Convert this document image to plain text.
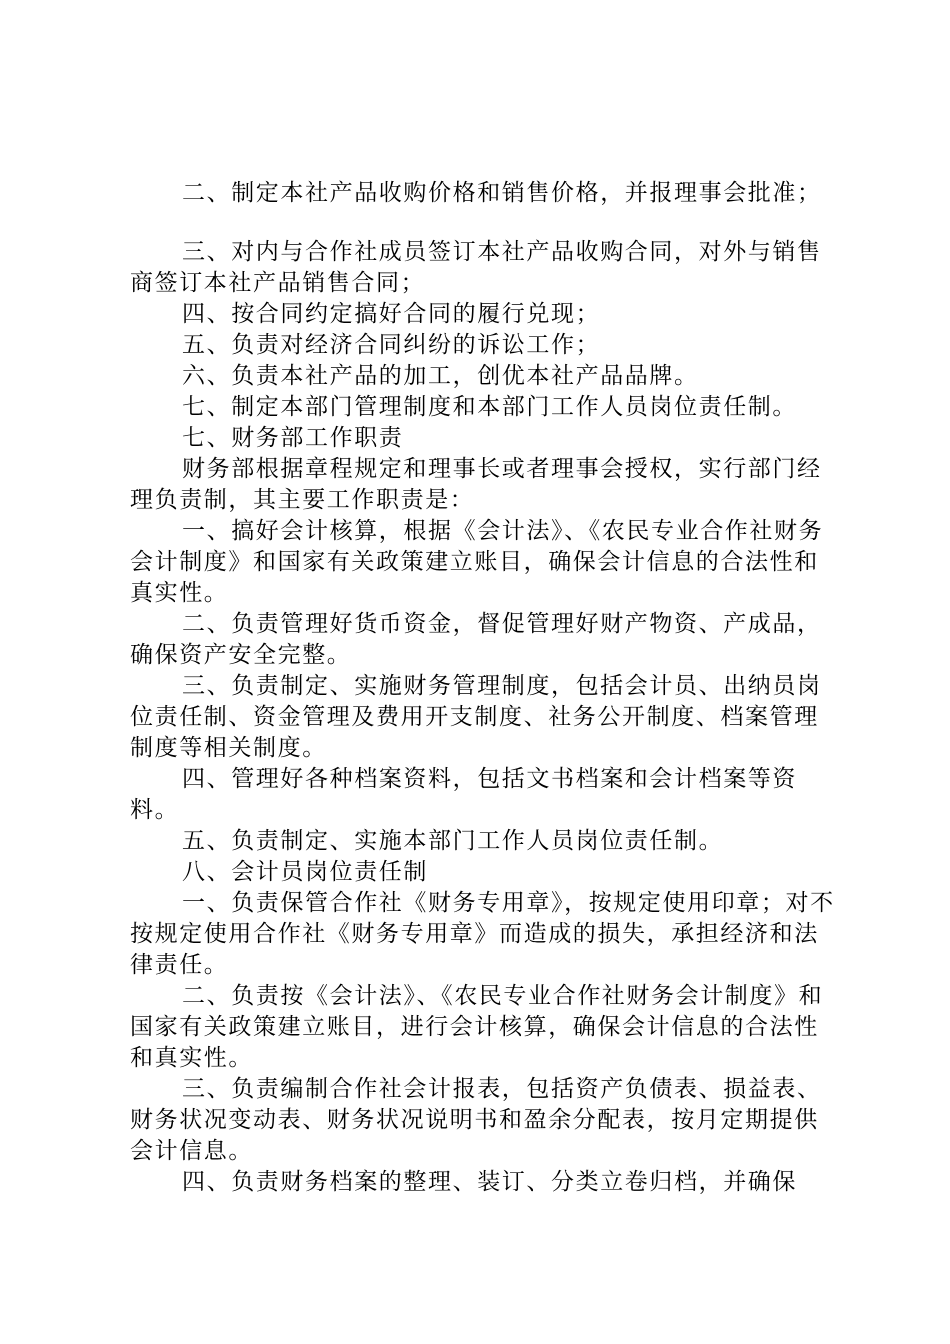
二、制定本社产品收购价格和销售价格，并报理事会批准；

三、对内与合作社成员签订本社产品收购合同，对外与销售商签订本社产品销售合同；

四、按合同约定搞好合同的履行兑现；

五、负责对经济合同纠纷的诉讼工作；

六、负责本社产品的加工，创优本社产品品牌。

七、制定本部门管理制度和本部门工作人员岗位责任制。

七、财务部工作职责

财务部根据章程规定和理事长或者理事会授权，实行部门经理负责制，其主要工作职责是：

一、搞好会计核算，根据《会计法》、《农民专业合作社财务会计制度》和国家有关政策建立账目，确保会计信息的合法性和真实性。

二、负责管理好货币资金，督促管理好财产物资、产成品，确保资产安全完整。

三、负责制定、实施财务管理制度，包括会计员、出纳员岗位责任制、资金管理及费用开支制度、社务公开制度、档案管理制度等相关制度。

四、管理好各种档案资料，包括文书档案和会计档案等资料。

五、负责制定、实施本部门工作人员岗位责任制。

八、会计员岗位责任制

一、负责保管合作社《财务专用章》，按规定使用印章；对不按规定使用合作社《财务专用章》而造成的损失，承担经济和法律责任。

二、负责按《会计法》、《农民专业合作社财务会计制度》和国家有关政策建立账目，进行会计核算，确保会计信息的合法性和真实性。

三、负责编制合作社会计报表，包括资产负债表、损益表、财务状况变动表、财务状况说明书和盈余分配表，按月定期提供会计信息。

四、负责财务档案的整理、装订、分类立卷归档，并确保
